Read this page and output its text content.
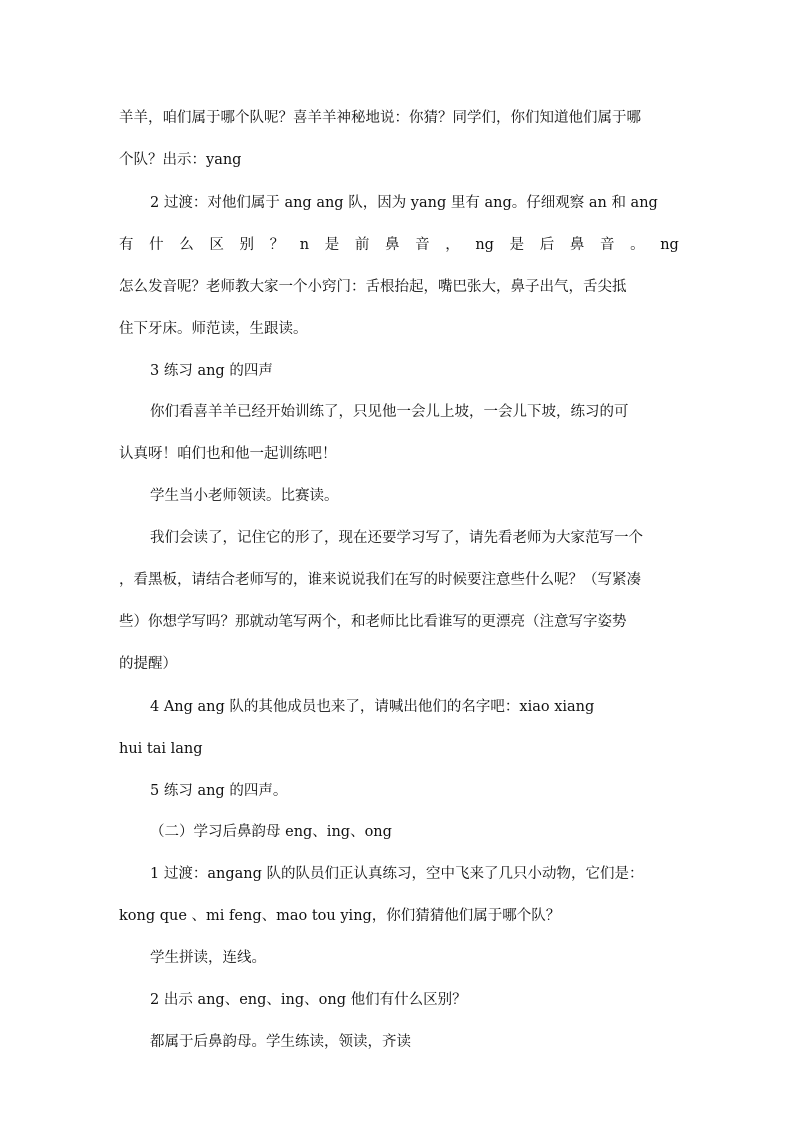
羊羊，咱们属于哪个队呢？喜羊羊神秘地说：你猜？同学们，你们知道他们属于哪
个队？出示：yang
2 过渡：对他们属于 ang ang 队，因为 yang 里有 ang。仔细观察 an 和 ang
有 什 么 区 别 ？ n 是 前 鼻 音 ， ng 是 后 鼻 音 。 ng
怎么发音呢？老师教大家一个小窍门：舌根抬起，嘴巴张大，鼻子出气，舌尖抵
住下牙床。师范读，生跟读。
3 练习 ang 的四声
你们看喜羊羊已经开始训练了，只见他一会儿上坡，一会儿下坡，练习的可
认真呀！咱们也和他一起训练吧！
学生当小老师领读。比赛读。
我们会读了，记住它的形了，现在还要学习写了，请先看老师为大家范写一个
，看黑板，请结合老师写的，谁来说说我们在写的时候要注意些什么呢？（写紧凑
些）你想学写吗？那就动笔写两个，和老师比比看谁写的更漂亮（注意写字姿势
的提醒）
4 Ang ang 队的其他成员也来了，请喊出他们的名字吧：xiao xiang
hui tai lang
5 练习 ang 的四声。
（二）学习后鼻韵母 eng、ing、ong
1 过渡：angang 队的队员们正认真练习，空中飞来了几只小动物，它们是：
kong que 、mi feng、mao tou ying，你们猜猜他们属于哪个队？
学生拼读，连线。
2 出示 ang、eng、ing、ong 他们有什么区别？
都属于后鼻韵母。学生练读，领读，齐读
